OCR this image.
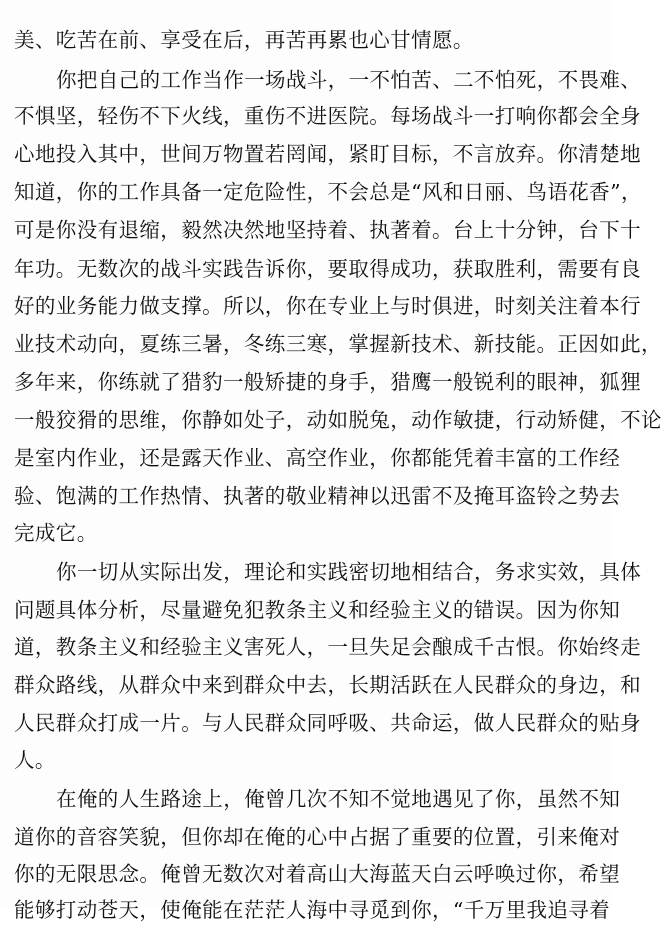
美、吃苦在前、享受在后，再苦再累也心甘情愿。
你把自己的工作当作一场战斗，一不怕苦、二不怕死，不畏难、
不惧坚，轻伤不下火线，重伤不进医院。每场战斗一打响你都会全身
心地投入其中，世间万物置若罔闻，紧盯目标，不言放弃。你清楚地
知道，你的工作具备一定危险性，不会总是“风和日丽、鸟语花香”，
可是你没有退缩，毅然决然地坚持着、执著着。台上十分钟，台下十
年功。无数次的战斗实践告诉你，要取得成功，获取胜利，需要有良
好的业务能力做支撑。所以，你在专业上与时俱进，时刻关注着本行
业技术动向，夏练三暑，冬练三寒，掌握新技术、新技能。正因如此，
多年来，你练就了猎豹一般矫捷的身手，猎鹰一般锐利的眼神，狐狸
一般狡猾的思维，你静如处子，动如脱兔，动作敏捷，行动矫健，不论
是室内作业，还是露天作业、高空作业，你都能凭着丰富的工作经
验、饱满的工作热情、执著的敬业精神以迅雷不及掩耳盗铃之势去
完成它。
你一切从实际出发，理论和实践密切地相结合，务求实效，具体
问题具体分析，尽量避免犯教条主义和经验主义的错误。因为你知
道，教条主义和经验主义害死人，一旦失足会酿成千古恨。你始终走
群众路线，从群众中来到群众中去，长期活跃在人民群众的身边，和
人民群众打成一片。与人民群众同呼吸、共命运，做人民群众的贴身
人。
在俺的人生路途上，俺曾几次不知不觉地遇见了你，虽然不知
道你的音容笑貌，但你却在俺的心中占据了重要的位置，引来俺对
你的无限思念。俺曾无数次对着高山大海蓝天白云呼唤过你，希望
能够打动苍天，使俺能在茫茫人海中寻觅到你，“千万里我追寻着
